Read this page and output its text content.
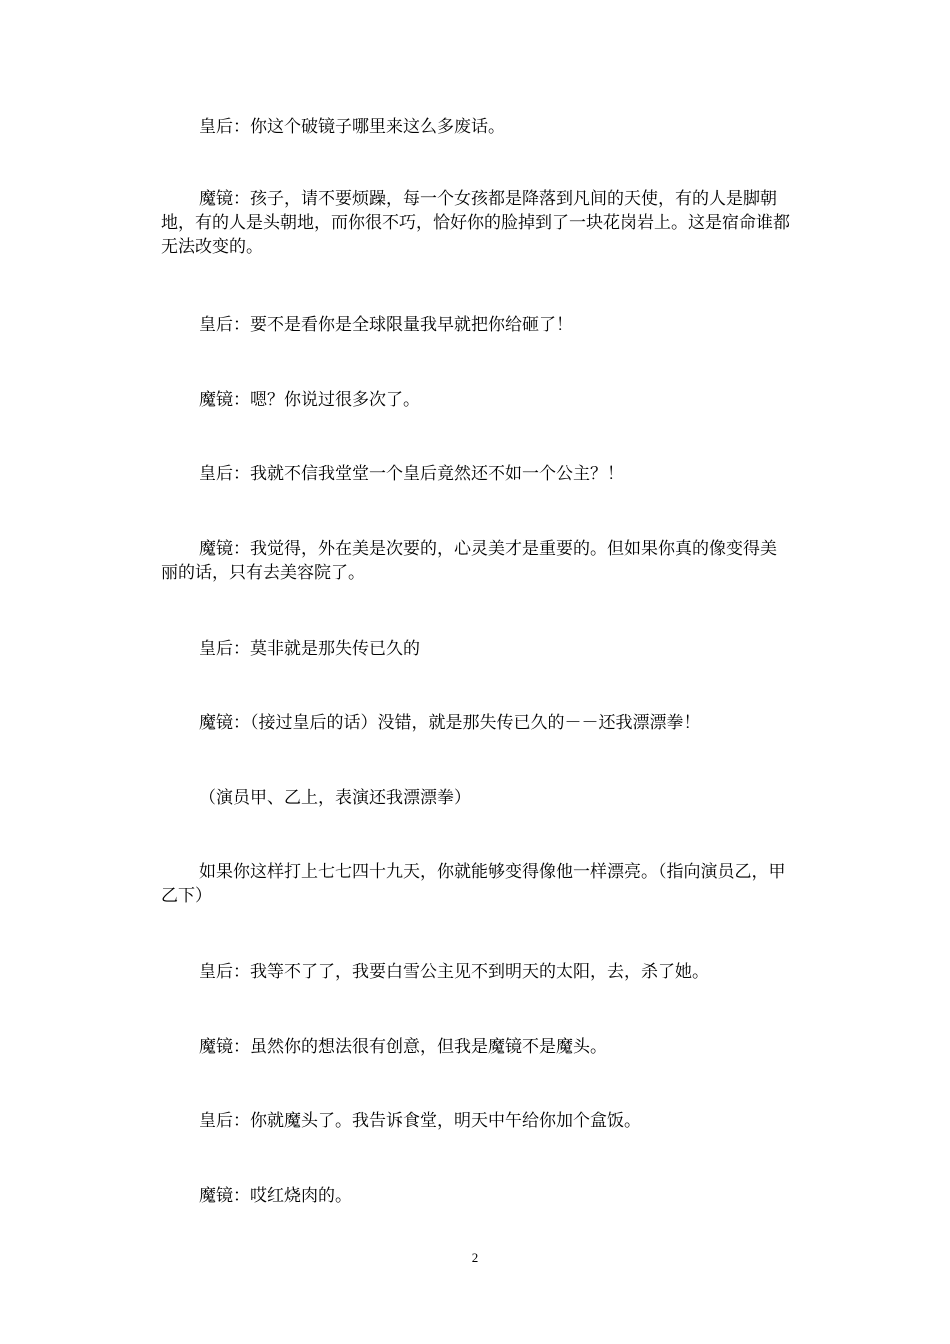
皇后：你这个破镜子哪里来这么多废话。

魔镜：孩子，请不要烦躁，每一个女孩都是降落到凡间的天使，有的人是脚朝地，有的人是头朝地，而你很不巧，恰好你的脸掉到了一块花岗岩上。这是宿命谁都无法改变的。

皇后：要不是看你是全球限量我早就把你给砸了！

魔镜：嗯？你说过很多次了。

皇后：我就不信我堂堂一个皇后竟然还不如一个公主？！

魔镜：我觉得，外在美是次要的，心灵美才是重要的。但如果你真的像变得美丽的话，只有去美容院了。

皇后：莫非就是那失传已久的

魔镜：（接过皇后的话）没错，就是那失传已久的－－还我漂漂拳！

（演员甲、乙上，表演还我漂漂拳）

如果你这样打上七七四十九天，你就能够变得像他一样漂亮。（指向演员乙，甲乙下）

皇后：我等不了了，我要白雪公主见不到明天的太阳，去，杀了她。

魔镜：虽然你的想法很有创意，但我是魔镜不是魔头。

皇后：你就魔头了。我告诉食堂，明天中午给你加个盒饭。

魔镜：哎红烧肉的。

2
